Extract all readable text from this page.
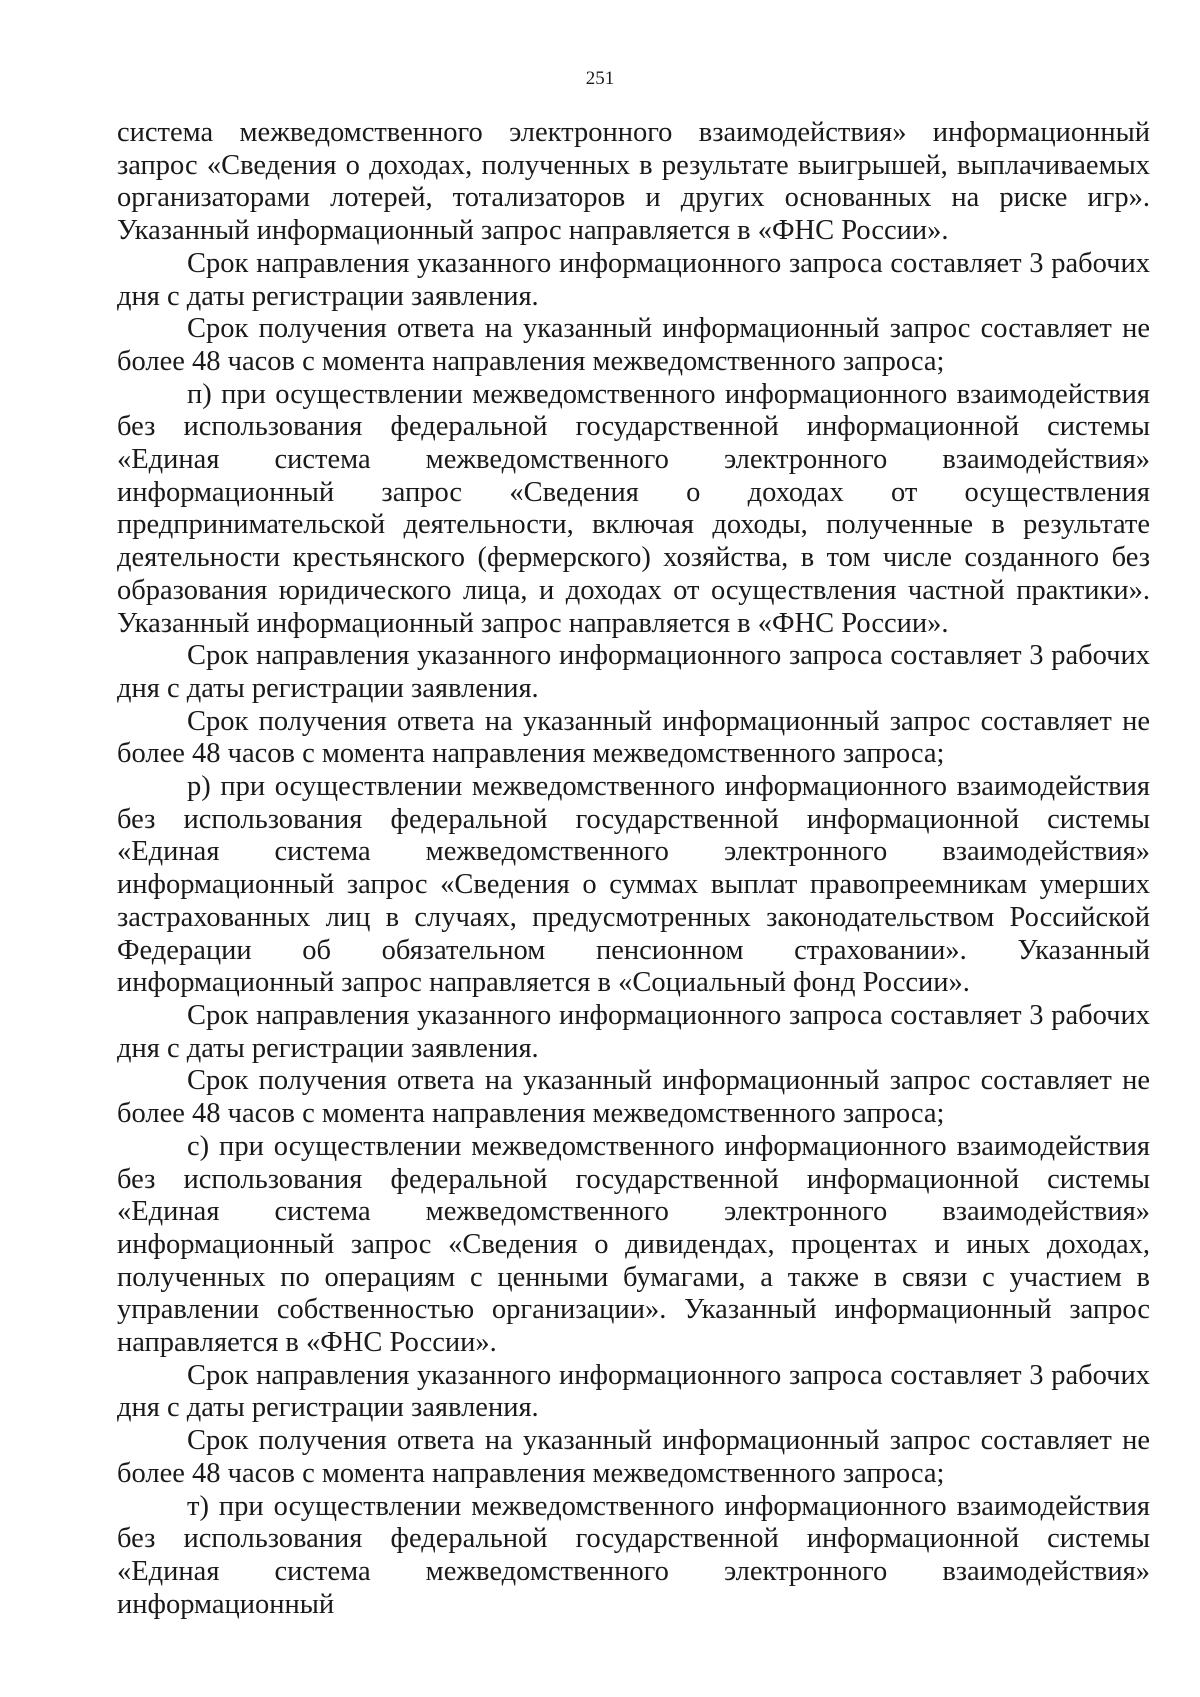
251

система межведомственного электронного взаимодействия» информационный запрос «Сведения о доходах, полученных в результате выигрышей, выплачиваемых организаторами лотерей, тотализаторов и других основанных на риске игр». Указанный информационный запрос направляется в «ФНС России».

Срок направления указанного информационного запроса составляет 3 рабочих дня с даты регистрации заявления.

Срок получения ответа на указанный информационный запрос составляет не более 48 часов с момента направления межведомственного запроса;

п) при осуществлении межведомственного информационного взаимодействия без использования федеральной государственной информационной системы «Единая система межведомственного электронного взаимодействия» информационный запрос «Сведения о доходах от осуществления предпринимательской деятельности, включая доходы, полученные в результате деятельности крестьянского (фермерского) хозяйства, в том числе созданного без образования юридического лица, и доходах от осуществления частной практики». Указанный информационный запрос направляется в «ФНС России».

Срок направления указанного информационного запроса составляет 3 рабочих дня с даты регистрации заявления.

Срок получения ответа на указанный информационный запрос составляет не более 48 часов с момента направления межведомственного запроса;

р) при осуществлении межведомственного информационного взаимодействия без использования федеральной государственной информационной системы «Единая система межведомственного электронного взаимодействия» информационный запрос «Сведения о суммах выплат правопреемникам умерших застрахованных лиц в случаях, предусмотренных законодательством Российской Федерации об обязательном пенсионном страховании». Указанный информационный запрос направляется в «Социальный фонд России».

Срок направления указанного информационного запроса составляет 3 рабочих дня с даты регистрации заявления.

Срок получения ответа на указанный информационный запрос составляет не более 48 часов с момента направления межведомственного запроса;

с) при осуществлении межведомственного информационного взаимодействия без использования федеральной государственной информационной системы «Единая система межведомственного электронного взаимодействия» информационный запрос «Сведения о дивидендах, процентах и иных доходах, полученных по операциям с ценными бумагами, а также в связи с участием в управлении собственностью организации». Указанный информационный запрос направляется в «ФНС России».

Срок направления указанного информационного запроса составляет 3 рабочих дня с даты регистрации заявления.

Срок получения ответа на указанный информационный запрос составляет не более 48 часов с момента направления межведомственного запроса;

т) при осуществлении межведомственного информационного взаимодействия без использования федеральной государственной информационной системы «Единая система межведомственного электронного взаимодействия» информационный
